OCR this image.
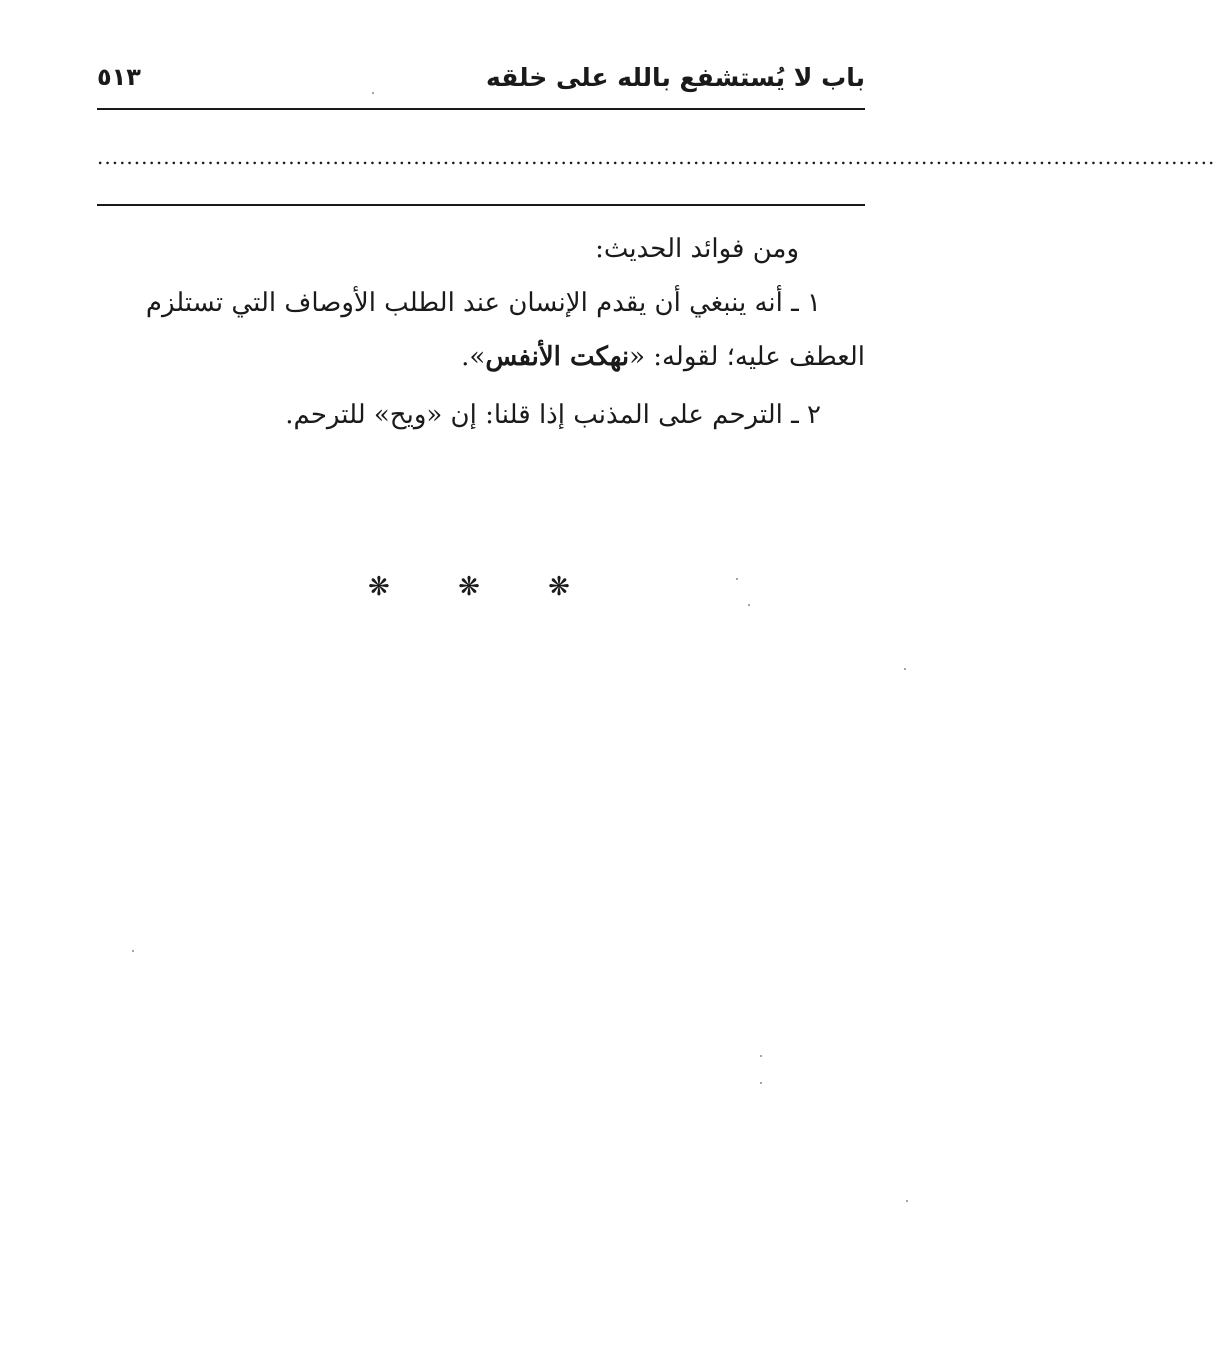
باب لا يُستشفع بالله على خلقه
٥١٣
........................................................................................................................................................

ومن فوائد الحديث:

١ ـ أنه ينبغي أن يقدم الإنسان عند الطلب الأوصاف التي تستلزم العطف عليه؛ لقوله: «نهكت الأنفس».

٢ ـ الترحم على المذنب إذا قلنا: إن «ويح» للترحم.

❋ ❋ ❋
